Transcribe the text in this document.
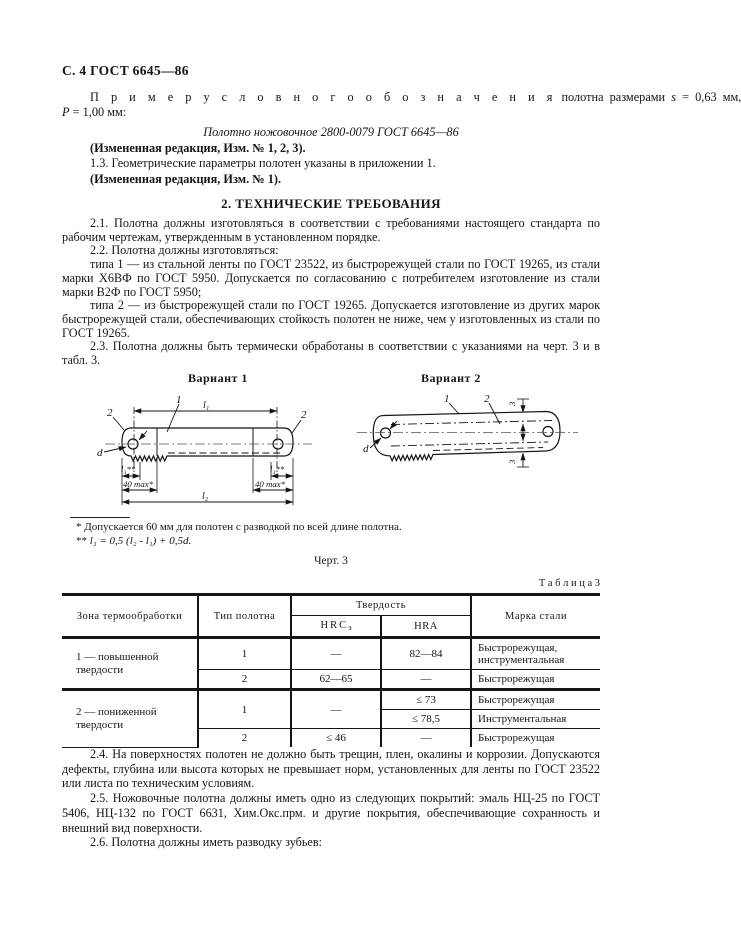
С. 4 ГОСТ 6645—86
П р и м е р у с л о в н о г о о б о з н а ч е н и я полотна размерами s = 0,63 мм,
Р = 1,00 мм:
Полотно ножовочное 2800-0079 ГОСТ 6645—86
(Измененная редакция, Изм. № 1, 2, 3).
1.3. Геометрические параметры полотен указаны в приложении 1.
(Измененная редакция, Изм. № 1).
2. ТЕХНИЧЕСКИЕ ТРЕБОВАНИЯ
2.1. Полотна должны изготовляться в соответствии с требованиями настоящего стандарта по рабочим чертежам, утвержденным в установленном порядке.
2.2. Полотна должны изготовляться:
типа 1 — из стальной ленты по ГОСТ 23522, из быстрорежущей стали по ГОСТ 19265, из стали марки Х6ВФ по ГОСТ 5950. Допускается по согласованию с потребителем изготовление из стали марки В2Ф по ГОСТ 5950;
типа 2 — из быстрорежущей стали по ГОСТ 19265. Допускается изготовление из других марок быстрорежущей стали, обеспечивающих стойкость полотен не ниже, чем у изготовленных из стали по ГОСТ 19265.
2.3. Полотна должны быть термически обработаны в соответствии с указаниями на черт. 3 и в табл. 3.
Вариант 1	Вариант 2
1
2	2
d
l₁
l₃**	l₃**
40 max*	40 max*
l₂
1	2
d
3
3
* Допускается 60 мм для полотен с разводкой по всей длине полотна.
** l₃ = 0,5 (l₂ - l₁) + 0,5d.
Черт. 3
Т а б л и ц а 3
Зона термообработки	Тип полотна	Твердость		Марка стали
		$HRC_э$	HRA	
1 — повышенной твердости	1	—	82—84	Быстрорежущая, инструментальная
	2	62—65	—	Быстрорежущая
2 — пониженной твердости	1	—	≤ 73	Быстрорежущая
			≤ 78,5	Инструментальная
	2	≤ 46	—	Быстрорежущая
2.4. На поверхностях полотен не должно быть трещин, плен, окалины и коррозии. Допускаются дефекты, глубина или высота которых не превышает норм, установленных для ленты по ГОСТ 23522 или листа по техническим условиям.
2.5. Ножовочные полотна должны иметь одно из следующих покрытий: эмаль НЦ-25 по ГОСТ 5406, НЦ-132 по ГОСТ 6631, Хим.Окс.прм. и другие покрытия, обеспечивающие сохранность и внешний вид поверхности.
2.6. Полотна должны иметь разводку зубьев:
